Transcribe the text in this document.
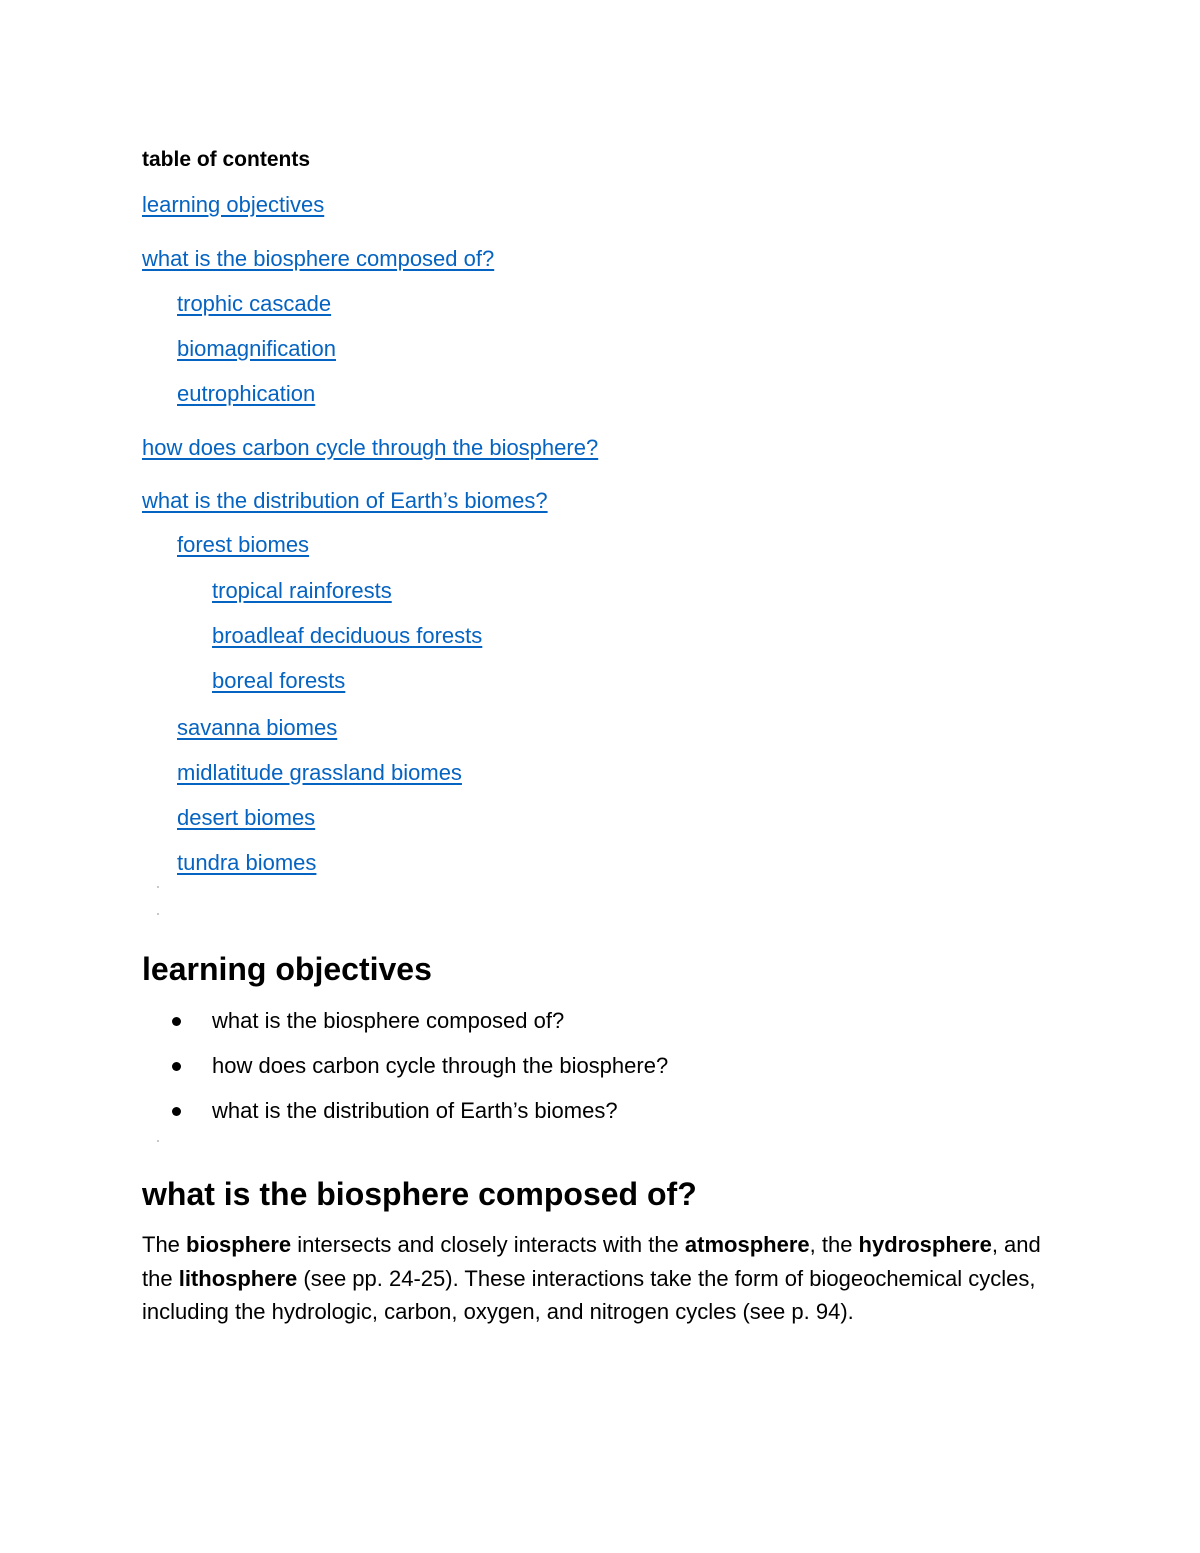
table of contents
learning objectives
what is the biosphere composed of?
trophic cascade
biomagnification
eutrophication
how does carbon cycle through the biosphere?
what is the distribution of Earth’s biomes?
forest biomes
tropical rainforests
broadleaf deciduous forests
boreal forests
savanna biomes
midlatitude grassland biomes
desert biomes
tundra biomes
learning objectives
what is the biosphere composed of?
how does carbon cycle through the biosphere?
what is the distribution of Earth’s biomes?
what is the biosphere composed of?
The biosphere intersects and closely interacts with the atmosphere, the hydrosphere, and the lithosphere (see pp. 24-25). These interactions take the form of biogeochemical cycles, including the hydrologic, carbon, oxygen, and nitrogen cycles (see p. 94).
